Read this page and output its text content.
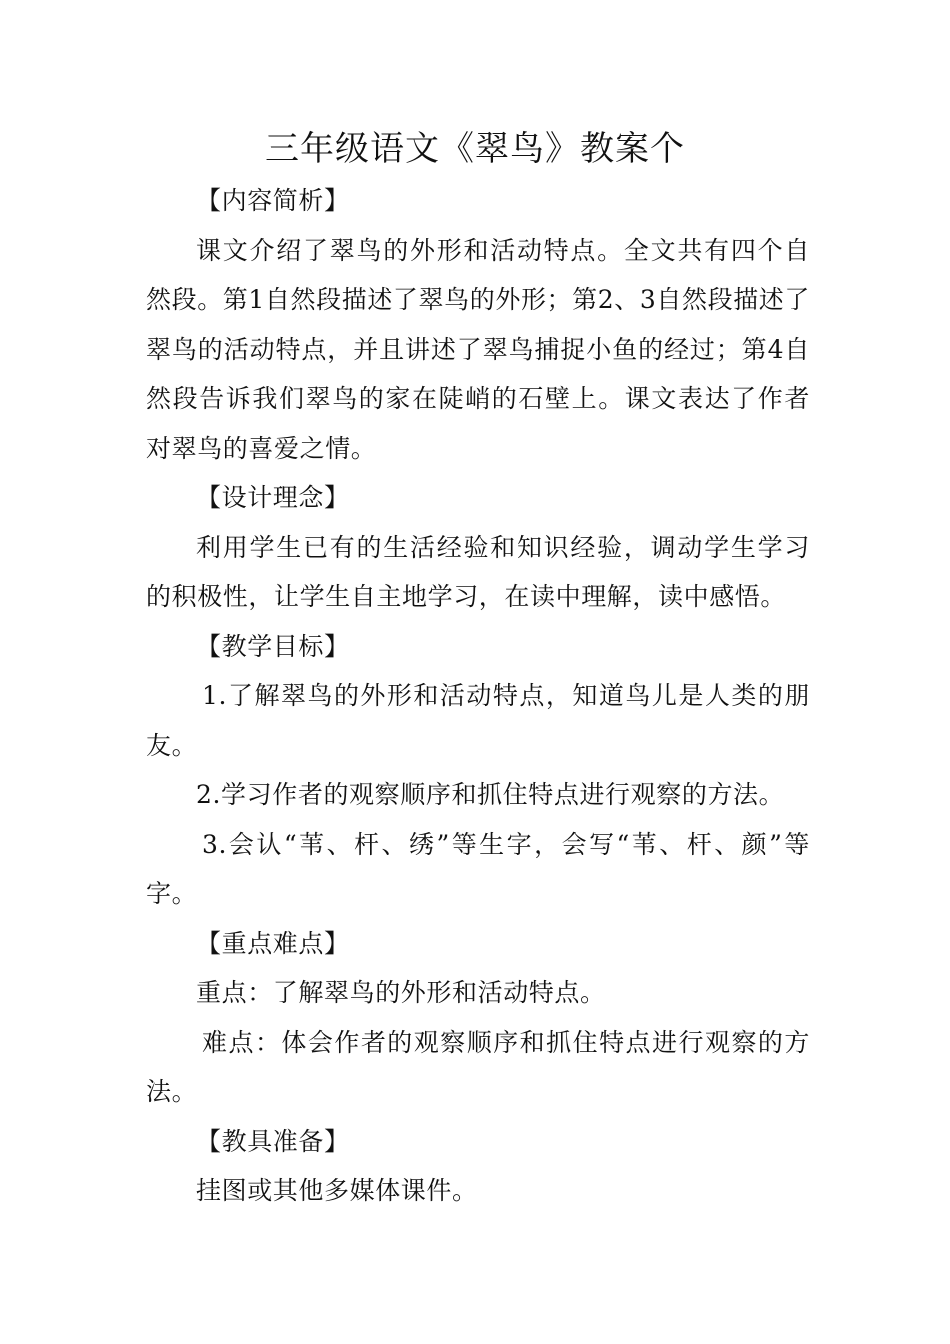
三年级语文《翠鸟》教案个

【内容简析】

课文介绍了翠鸟的外形和活动特点。全文共有四个自然段。第1自然段描述了翠鸟的外形；第2、3自然段描述了翠鸟的活动特点，并且讲述了翠鸟捕捉小鱼的经过；第4自然段告诉我们翠鸟的家在陡峭的石壁上。课文表达了作者对翠鸟的喜爱之情。

【设计理念】

利用学生已有的生活经验和知识经验，调动学生学习的积极性，让学生自主地学习，在读中理解，读中感悟。

【教学目标】

1.了解翠鸟的外形和活动特点，知道鸟儿是人类的朋友。

2.学习作者的观察顺序和抓住特点进行观察的方法。

3.会认“苇、杆、绣”等生字，会写“苇、杆、颜”等字。

【重点难点】

重点：了解翠鸟的外形和活动特点。

难点：体会作者的观察顺序和抓住特点进行观察的方法。

【教具准备】

挂图或其他多媒体课件。
